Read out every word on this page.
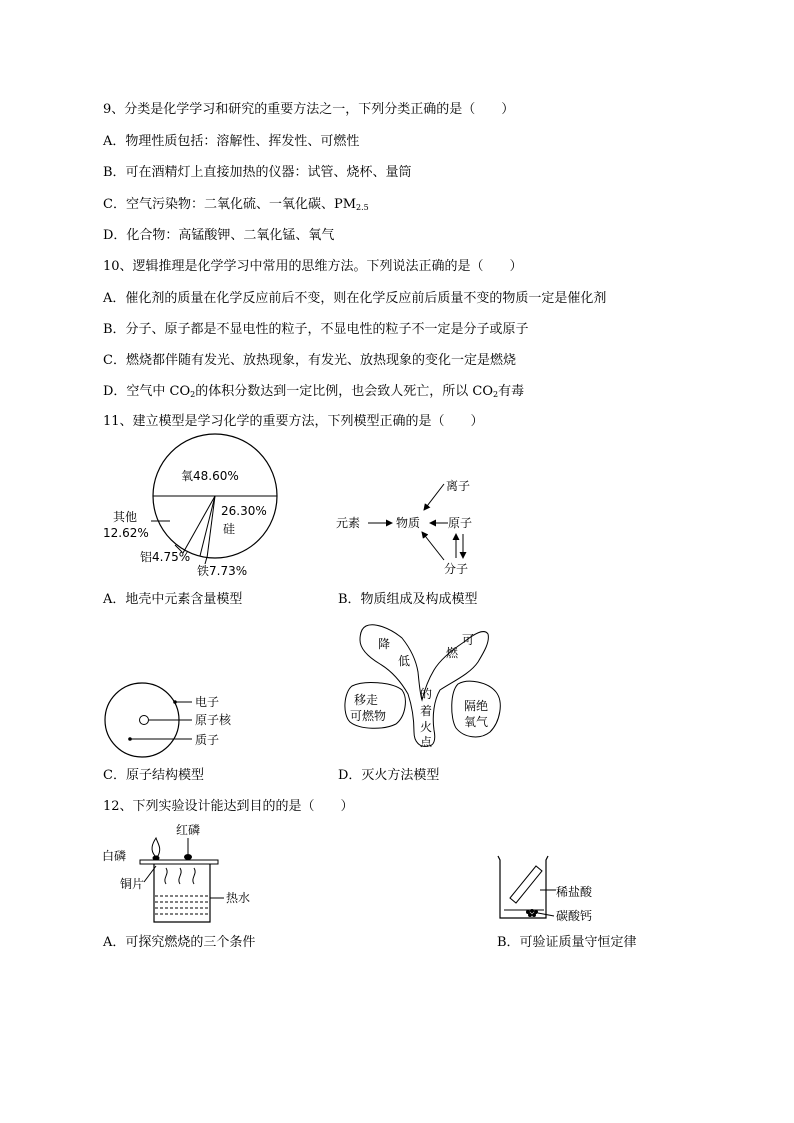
9、分类是化学学习和研究的重要方法之一，下列分类正确的是（　　）
A．物理性质包括：溶解性、挥发性、可燃性
B．可在酒精灯上直接加热的仪器：试管、烧杯、量筒
C．空气污染物：二氧化硫、一氧化碳、$PM_{2.5}$
D．化合物：高锰酸钾、二氧化锰、氧气
10、逻辑推理是化学学习中常用的思维方法。下列说法正确的是（　　）
A．催化剂的质量在化学反应前后不变，则在化学反应前后质量不变的物质一定是催化剂
B．分子、原子都是不显电性的粒子，不显电性的粒子不一定是分子或原子
C．燃烧都伴随有发光、放热现象，有发光、放热现象的变化一定是燃烧
D．空气中 $CO_2$的体积分数达到一定比例，也会致人死亡，所以 $CO_2$有毒
11、建立模型是学习化学的重要方法，下列模型正确的是（　　）
氧48.60%
26.30%
硅
其他
12.62%
铝4.75%
铁7.73%
A．地壳中元素含量模型
元素	物质
离子
原子
分子
B．物质组成及构成模型
电子
原子核
质子
C．原子结构模型
降
低
可
燃
的
着
火
点
移走
可燃物
隔绝
氧气
D．灭火方法模型
12、下列实验设计能达到目的的是（　　）
红磷
白磷
铜片
热水
A．可探究燃烧的三个条件
稀盐酸
碳酸钙
B．可验证质量守恒定律
